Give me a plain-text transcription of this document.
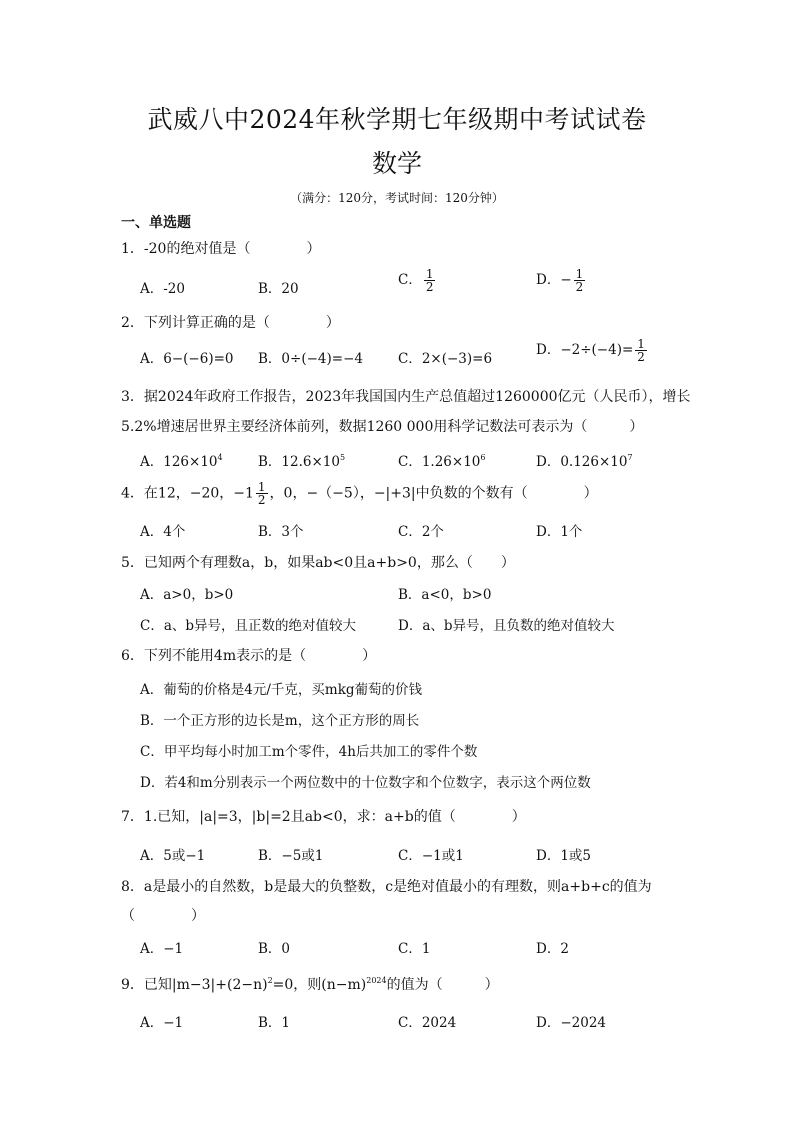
武威八中2024年秋学期七年级期中考试试卷
数学
（满分：120分，考试时间：120分钟）
一、单选题
1．-20的绝对值是（　　　　）
A．-20	B．20
C． $\frac{1}{2}$	D．− $\frac{1}{2}$
2．下列计算正确的是（　　　　）
A．6−(−6)=0 B．0÷(−4)=−4	C．2×(−3)=6
D．$-2\div(-4)= \frac{1}{2}$
3．据2024年政府工作报告，2023年我国国内生产总值超过1260000亿元（人民币），增长
5.2%增速居世界主要经济体前列，数据1260 000用科学记数法可表示为（　　　）
A．$126\times 10^4$	B．$12.6\times 10^5$	C．$1.26\times 10^6$	D．$0.126\times 10^7$
4．在12，−20，$-1 \frac{1}{2}$ ，0，−（−5），−|+3|中负数的个数有（　　　　）
A．4个	B．3个	C．2个	D．1个
5．已知两个有理数a，b，如果ab<0且a+b>0，那么（　　）
A．a>0，b>0	B．a<0，b>0
C．a、b异号，且正数的绝对值较大	D．a、b异号，且负数的绝对值较大
6．下列不能用4m表示的是（　　　　）
A．葡萄的价格是4元/千克，买mkg葡萄的价钱
B．一个正方形的边长是m，这个正方形的周长
C．甲平均每小时加工m个零件，4h后共加工的零件个数
D．若4和m分别表示一个两位数中的十位数字和个位数字，表示这个两位数
7．1.已知，|a|=3，|b|=2且ab<0，求：a+b的值（　　　　）
A．5或−1	B．−5或1	C．−1或1	D．1或5
8．a是最小的自然数，b是最大的负整数，c是绝对值最小的有理数，则a+b+c的值为
（　　　　）
A．−1	B．0	C．1	D．2
9．已知$|m-3|+(2-n)^2=0$，则$(n-m)^{2024}$的值为（　　　）
A．−1	B．1	C．2024	D．−2024
